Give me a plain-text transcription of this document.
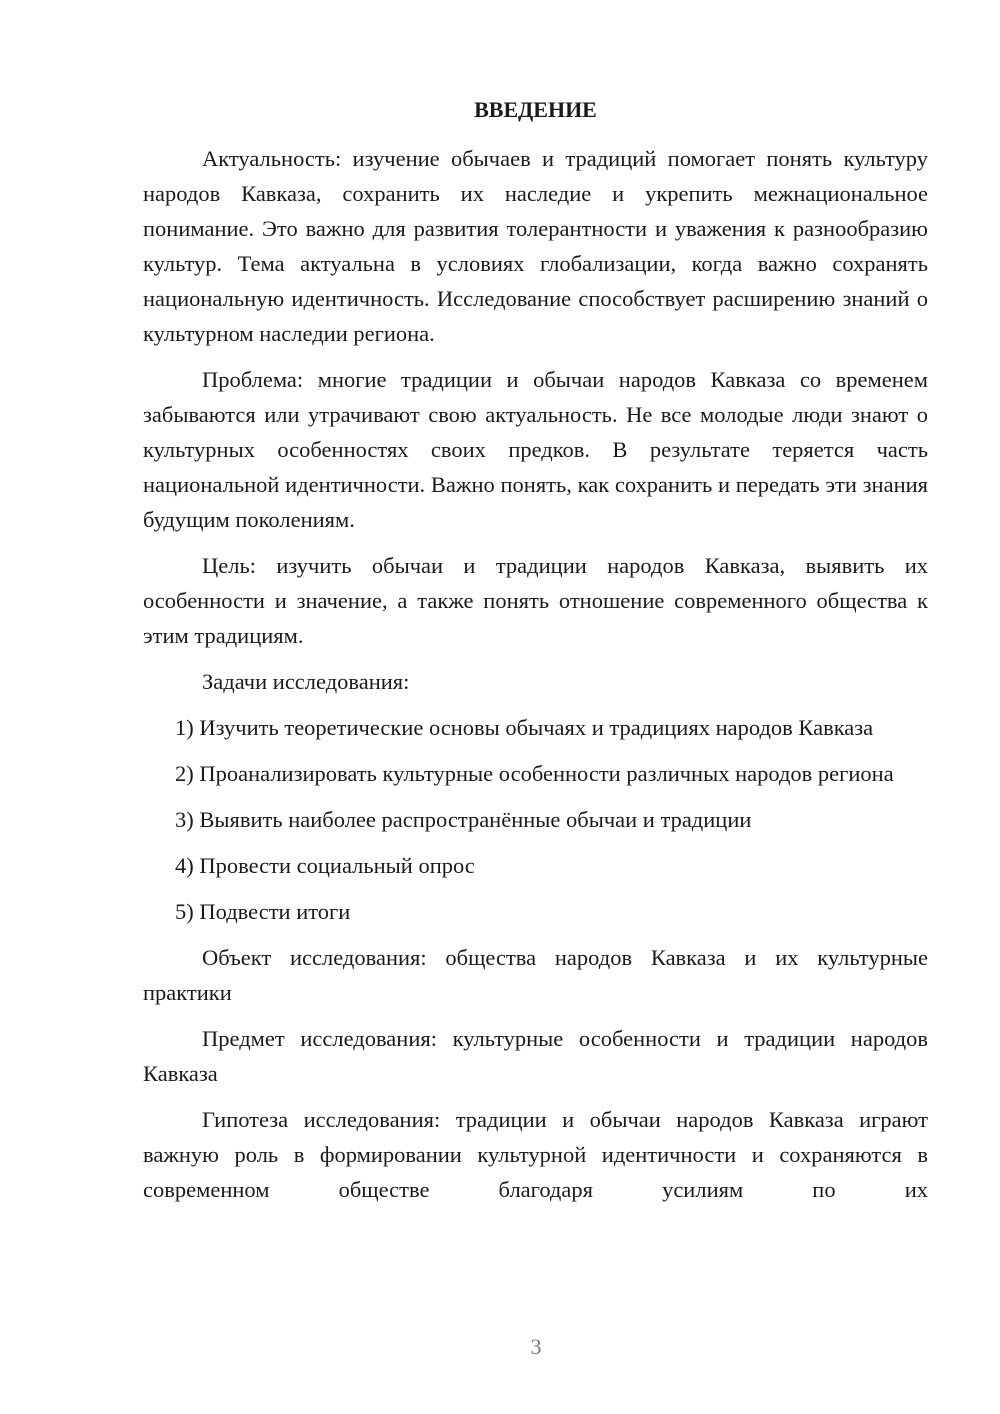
ВВЕДЕНИЕ

Актуальность: изучение обычаев и традиций помогает понять культуру народов Кавказа, сохранить их наследие и укрепить межнациональное понимание. Это важно для развития толерантности и уважения к разнообразию культур. Тема актуальна в условиях глобализации, когда важно сохранять национальную идентичность. Исследование способствует расширению знаний о культурном наследии региона.

Проблема: многие традиции и обычаи народов Кавказа со временем забываются или утрачивают свою актуальность. Не все молодые люди знают о культурных особенностях своих предков. В результате теряется часть национальной идентичности. Важно понять, как сохранить и передать эти знания будущим поколениям.

Цель: изучить обычаи и традиции народов Кавказа, выявить их особенности и значение, а также понять отношение современного общества к этим традициям.

Задачи исследования:

1) Изучить теоретические основы обычаях и традициях народов Кавказа

2) Проанализировать культурные особенности различных народов региона

3) Выявить наиболее распространённые обычаи и традиции

4) Провести социальный опрос

5) Подвести итоги

Объект исследования: общества народов Кавказа и их культурные практики

Предмет исследования: культурные особенности и традиции народов Кавказа

Гипотеза исследования: традиции и обычаи народов Кавказа играют важную роль в формировании культурной идентичности и сохраняются в современном обществе благодаря усилиям по их

3
